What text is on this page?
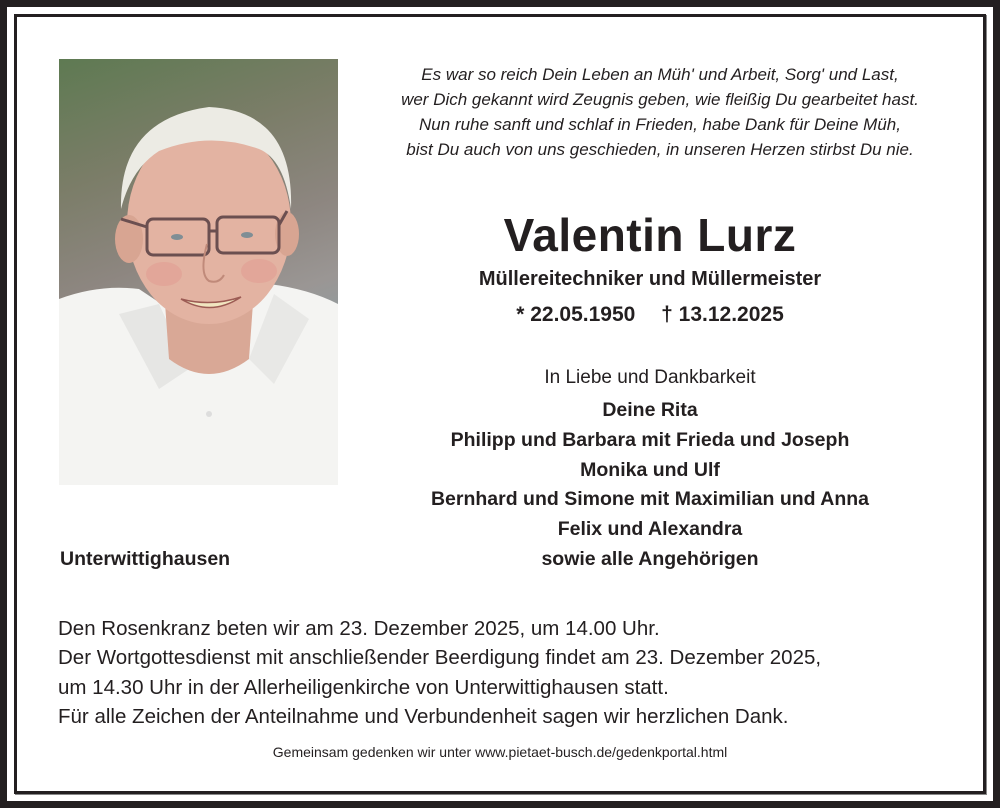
Es war so reich Dein Leben an Müh' und Arbeit, Sorg' und Last,
wer Dich gekannt wird Zeugnis geben, wie fleißig Du gearbeitet hast.
Nun ruhe sanft und schlaf in Frieden, habe Dank für Deine Müh,
bist Du auch von uns geschieden, in unseren Herzen stirbst Du nie.
Valentin Lurz
Müllereitechniker und Müllermeister
* 22.05.1950 † 13.12.2025
In Liebe und Dankbarkeit
Deine Rita
Philipp und Barbara mit Frieda und Joseph
Monika und Ulf
Bernhard und Simone mit Maximilian und Anna
Felix und Alexandra
sowie alle Angehörigen
Unterwittighausen

Den Rosenkranz beten wir am 23. Dezember 2025, um 14.00 Uhr.

Der Wortgottesdienst mit anschließender Beerdigung findet am 23. Dezember 2025,

um 14.30 Uhr in der Allerheiligenkirche von Unterwittighausen statt.

Für alle Zeichen der Anteilnahme und Verbundenheit sagen wir herzlichen Dank.

Gemeinsam gedenken wir unter www.pietaet-busch.de/gedenkportal.html
